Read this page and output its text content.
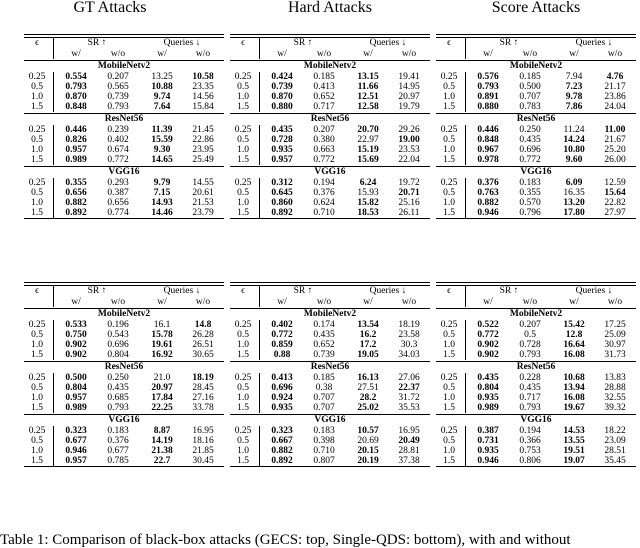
GT Attacks	Hard Attacks	Score Attacks
ϵ	SR ↑	Queries ↓
w/	w/o	w/	w/o
MobileNetv2
0.25	0.554	0.207	13.25	10.58
0.5	0.793	0.565	10.88	23.35
1.0	0.870	0.739	9.74	14.56
1.5	0.848	0.793	7.64	15.84
ResNet56
0.25	0.446	0.239	11.39	21.45
0.5	0.826	0.402	15.59	22.86
1.0	0.957	0.674	9.30	23.95
1.5	0.989	0.772	14.65	25.49
VGG16
0.25	0.355	0.293	9.79	14.55
0.5	0.656	0.387	7.15	20.61
1.0	0.882	0.656	14.93	21.53
1.5	0.892	0.774	14.46	23.79
ϵ	SR ↑	Queries ↓
w/	w/o	w/	w/o
MobileNetv2
0.25	0.424	0.185	13.15	19.41
0.5	0.739	0.413	11.66	14.95
1.0	0.870	0.652	12.51	20.97
1.5	0.880	0.717	12.58	19.79
ResNet56
0.25	0.435	0.207	20.70	29.26
0.5	0.728	0.380	22.97	19.00
1.0	0.935	0.663	15.19	23.53
1.5	0.957	0.772	15.69	22.04
VGG16
0.25	0.312	0.194	6.24	19.72
0.5	0.645	0.376	15.93	20.71
1.0	0.860	0.624	15.82	25.16
1.5	0.892	0.710	18.53	26.11
ϵ	SR ↑	Queries ↓
w/	w/o	w/	w/o
MobileNetv2
0.25	0.576	0.185	7.94	4.76
0.5	0.793	0.500	7.23	21.17
1.0	0.891	0.707	9.78	23.86
1.5	0.880	0.783	7.86	24.04
ResNet56
0.25	0.446	0.250	11.24	11.00
0.5	0.848	0.435	14.24	21.67
1.0	0.967	0.696	10.80	25.20
1.5	0.978	0.772	9.60	26.00
VGG16
0.25	0.376	0.183	6.09	12.59
0.5	0.763	0.355	16.35	15.64
1.0	0.882	0.570	13.20	22.82
1.5	0.946	0.796	17.80	27.97
ϵ	SR ↑	Queries ↓
w/	w/o	w/	w/o
MobileNetv2
0.25	0.533	0.196	16.1	14.8
0.5	0.750	0.543	15.78	26.28
1.0	0.902	0.696	19.61	26.51
1.5	0.902	0.804	16.92	30.65
ResNet56
0.25	0.500	0.250	21.0	18.19
0.5	0.804	0.435	20.97	28.45
1.0	0.957	0.685	17.84	27.16
1.5	0.989	0.793	22.25	33.78
VGG16
0.25	0.323	0.183	8.87	16.95
0.5	0.677	0.376	14.19	18.16
1.0	0.946	0.677	21.38	21.85
1.5	0.957	0.785	22.7	30.45
ϵ	SR ↑	Queries ↓
w/	w/o	w/	w/o
MobileNetv2
0.25	0.402	0.174	13.54	18.19
0.5	0.772	0.435	16.2	23.58
1.0	0.859	0.652	17.2	30.3
1.5	0.88	0.739	19.05	34.03
ResNet56
0.25	0.413	0.185	16.13	27.06
0.5	0.696	0.38	27.51	22.37
1.0	0.924	0.707	28.2	31.72
1.5	0.935	0.707	25.02	35.53
VGG16
0.25	0.323	0.183	10.57	16.95
0.5	0.667	0.398	20.69	20.49
1.0	0.882	0.710	20.15	28.81
1.5	0.892	0.807	20.19	37.38
ϵ	SR ↑	Queries ↓
w/	w/o	w/	w/o
MobileNetv2
0.25	0.522	0.207	15.42	17.25
0.5	0.772	0.5	12.8	25.09
1.0	0.902	0.728	16.64	30.97
1.5	0.902	0.793	16.08	31.73
ResNet56
0.25	0.435	0.228	10.68	13.83
0.5	0.804	0.435	13.94	28.88
1.0	0.935	0.717	16.08	32.55
1.5	0.989	0.793	19.67	39.32
VGG16
0.25	0.387	0.194	14.53	18.22
0.5	0.731	0.366	13.55	23.09
1.0	0.935	0.753	19.51	28.51
1.5	0.946	0.806	19.07	35.45
Table 1: Comparison of black-box attacks (GECS: top, Single-QDS: bottom), with and without
